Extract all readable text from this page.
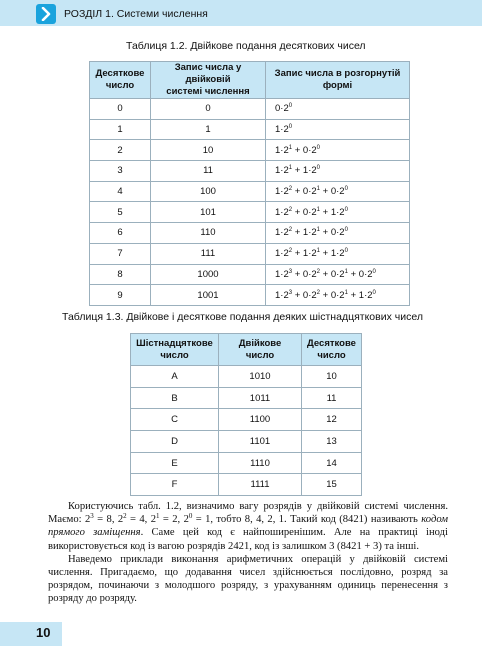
РОЗДІЛ 1. Системи числення
Таблиця 1.2. Двійкове подання десяткових чисел
Десяткове
число	Запис числа у двійковій
системі числення	Запис числа в розгорнутій
формі
0	0	$0\cdot 2^0$
1	1	$1\cdot 2^0$
2	10	$1\cdot 2^1 + 0\cdot 2^0$
3	11	$1\cdot 2^1 + 1\cdot 2^0$
4	100	$1\cdot 2^2 + 0\cdot 2^1 + 0\cdot 2^0$
5	101	$1\cdot 2^2 + 0\cdot 2^1 + 1\cdot 2^0$
6	110	$1\cdot 2^2 + 1\cdot 2^1 + 0\cdot 2^0$
7	111	$1\cdot 2^2 + 1\cdot 2^1 + 1\cdot 2^0$
8	1000	$1\cdot 2^3 + 0\cdot 2^2 + 0\cdot 2^1 + 0\cdot 2^0$
9	1001	$1\cdot 2^3 + 0\cdot 2^2 + 0\cdot 2^1 + 1\cdot 2^0$
Таблиця 1.3. Двійкове і десяткове подання деяких шістнадцяткових чисел
Шістнадцяткове
число	Двійкове
число	Десяткове
число
A	1010	10
B	1011	11
C	1100	12
D	1101	13
E	1110	14
F	1111	15

Користуючись табл. 1.2, визначимо вагу розрядів у двійковій системі числення. Маємо: $2^3 = 8$, $2^2 = 4$, $2^1 = 2$, $2^0 = 1$, тобто 8, 4, 2, 1. Такий код (8421) називають кодом прямого заміщення. Саме цей код є найпоширенішим. Але на практиці іноді використовується код із вагою розрядів 2421, код із залишком 3 (8421 + 3) та інші.

Наведемо приклади виконання арифметичних операцій у двійковій системі числення. Пригадаємо, що додавання чисел здійснюється послідовно, розряд за розрядом, починаючи з молодшого розряду, з урахуванням одиниць перенесення з розряду до розряду.

10
